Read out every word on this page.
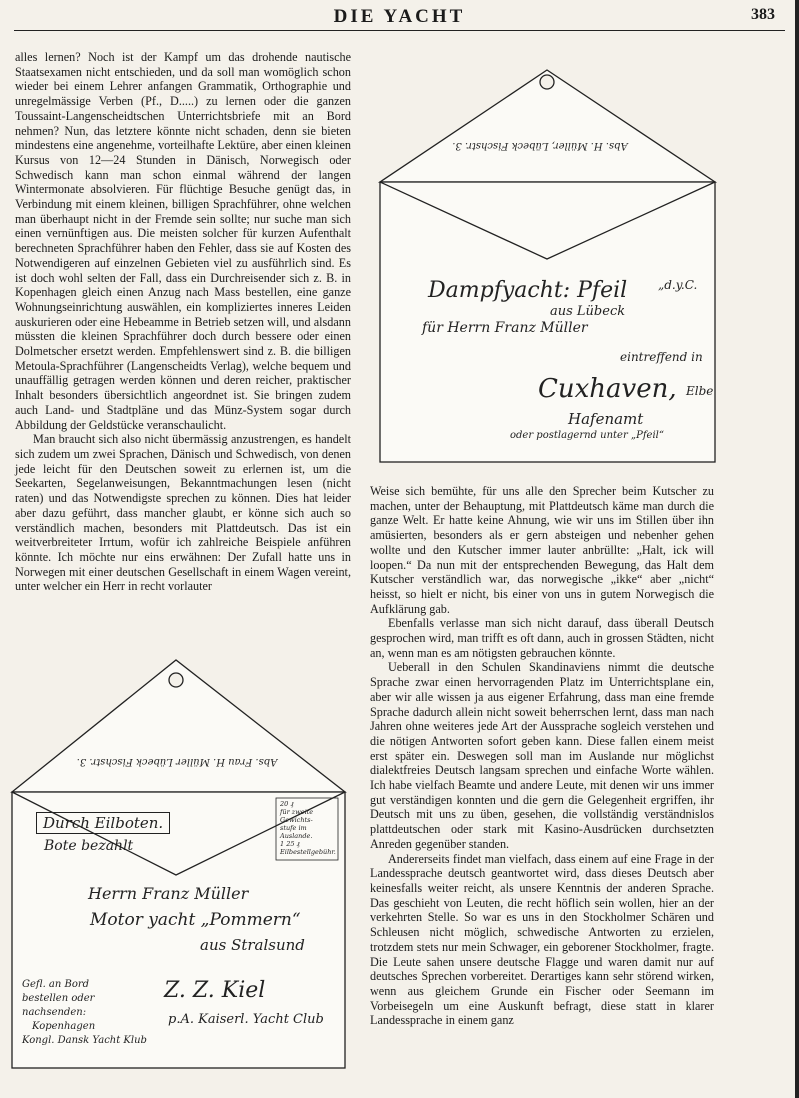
DIE YACHT	383

alles lernen? Noch ist der Kampf um das drohende nautische Staatsexamen nicht entschieden, und da soll man womöglich schon wieder bei einem Lehrer anfangen Grammatik, Orthographie und unregelmässige Verben (Pf., D.....) zu lernen oder die ganzen Toussaint-Langenscheidtschen Unterrichtsbriefe mit an Bord nehmen? Nun, das letztere könnte nicht schaden, denn sie bieten mindestens eine angenehme, vorteilhafte Lektüre, aber einen kleinen Kursus von 12—24 Stunden in Dänisch, Norwegisch oder Schwedisch kann man schon einmal während der langen Wintermonate absolvieren. Für flüchtige Besuche genügt das, in Verbindung mit einem kleinen, billigen Sprachführer, ohne welchen man überhaupt nicht in der Fremde sein sollte; nur suche man sich einen vernünftigen aus. Die meisten solcher für kurzen Aufenthalt berechneten Sprachführer haben den Fehler, dass sie auf Kosten des Notwendigeren auf einzelnen Gebieten viel zu ausführlich sind. Es ist doch wohl selten der Fall, dass ein Durchreisender sich z. B. in Kopenhagen gleich einen Anzug nach Mass bestellen, eine ganze Wohnungseinrichtung auswählen, ein kompliziertes inneres Leiden auskurieren oder eine Hebeamme in Betrieb setzen will, und alsdann müssten die kleinen Sprachführer doch durch bessere oder einen Dolmetscher ersetzt werden. Empfehlenswert sind z. B. die billigen Metoula-Sprachführer (Langenscheidts Verlag), welche bequem und unauffällig getragen werden können und deren reicher, praktischer Inhalt besonders übersichtlich angeordnet ist. Sie bringen zudem auch Land- und Stadtpläne und das Münz-System sogar durch Abbildung der Geldstücke veranschaulicht.

Man braucht sich also nicht übermässig anzustrengen, es handelt sich zudem um zwei Sprachen, Dänisch und Schwedisch, von denen jede leicht für den Deutschen soweit zu erlernen ist, um die Seekarten, Segelanweisungen, Bekanntmachungen lesen (nicht raten) und das Notwendigste sprechen zu können. Dies hat leider aber dazu geführt, dass mancher glaubt, er könne sich auch so verständlich machen, besonders mit Plattdeutsch. Das ist ein weitverbreiteter Irrtum, wofür ich zahlreiche Beispiele anführen könnte. Ich möchte nur eins erwähnen: Der Zufall hatte uns in Norwegen mit einer deutschen Gesellschaft in einem Wagen vereint, unter welcher ein Herr in recht vorlauter

Weise sich bemühte, für uns alle den Sprecher beim Kutscher zu machen, unter der Behauptung, mit Plattdeutsch käme man durch die ganze Welt. Er hatte keine Ahnung, wie wir uns im Stillen über ihn amüsierten, besonders als er gern absteigen und nebenher gehen wollte und den Kutscher immer lauter anbrüllte: „Halt, ick will loopen.“ Da nun mit der entsprechenden Bewegung, das Halt dem Kutscher verständlich war, das norwegische „ikke“ aber „nicht“ heisst, so hielt er nicht, bis einer von uns in gutem Norwegisch die Aufklärung gab.

Ebenfalls verlasse man sich nicht darauf, dass überall Deutsch gesprochen wird, man trifft es oft dann, auch in grossen Städten, nicht an, wenn man es am nötigsten gebrauchen könnte.

Ueberall in den Schulen Skandinaviens nimmt die deutsche Sprache zwar einen hervorragenden Platz im Unterrichtsplane ein, aber wir alle wissen ja aus eigener Erfahrung, dass man eine fremde Sprache dadurch allein nicht soweit beherrschen lernt, dass man nach Jahren ohne weiteres jede Art der Aussprache sogleich verstehen und die nötigen Antworten sofort geben kann. Diese fallen einem meist erst später ein. Deswegen soll man im Auslande nur möglichst dialektfreies Deutsch langsam sprechen und einfache Worte wählen. Ich habe vielfach Beamte und andere Leute, mit denen wir uns immer gut verständigen konnten und die gern die Gelegenheit ergriffen, ihr Deutsch mit uns zu üben, gesehen, die vollständig verständnislos plattdeutschen oder stark mit Kasino-Ausdrücken durchsetzten Anreden gegenüber standen.

Andererseits findet man vielfach, dass einem auf eine Frage in der Landessprache deutsch geantwortet wird, dass dieses Deutsch aber keinesfalls weiter reicht, als unsere Kenntnis der anderen Sprache. Das geschieht von Leuten, die recht höflich sein wollen, hier an der verkehrten Stelle. So war es uns in den Stockholmer Schären und Schleusen nicht möglich, schwedische Antworten zu erzielen, trotzdem stets nur mein Schwager, ein geborener Stockholmer, fragte. Die Leute sahen unsere deutsche Flagge und waren damit nur auf deutsches Sprechen vorbereitet. Derartiges kann sehr störend wirken, wenn aus gleichem Grunde ein Fischer oder Seemann im Vorbeisegeln um eine Auskunft befragt, diese statt in klarer Landessprache in einem ganz

Abs. H. Müller, Lübeck Fischstr. 3.
Dampfyacht: Pfeil	„d.y.C.
aus Lübeck
für Herrn Franz Müller
eintreffend in
Cuxhaven, Elbe
Hafenamt
oder postlagernd unter „Pfeil“
Abs. Frau H. Müller Lübeck Fischstr. 3.
20 ₰
für zweite
Gewichts-
stufe im
Auslande.
1 25 ₰
Eilbestellgebühr.
Durch Eilboten.
Bote bezahlt
Herrn Franz Müller
Motor yacht „Pommern“
aus Stralsund
Z. Z. Kiel
p.A. Kaiserl. Yacht Club
Gefl. an Bord
bestellen oder
nachsenden:
Kopenhagen
Kongl. Dansk Yacht Klub
